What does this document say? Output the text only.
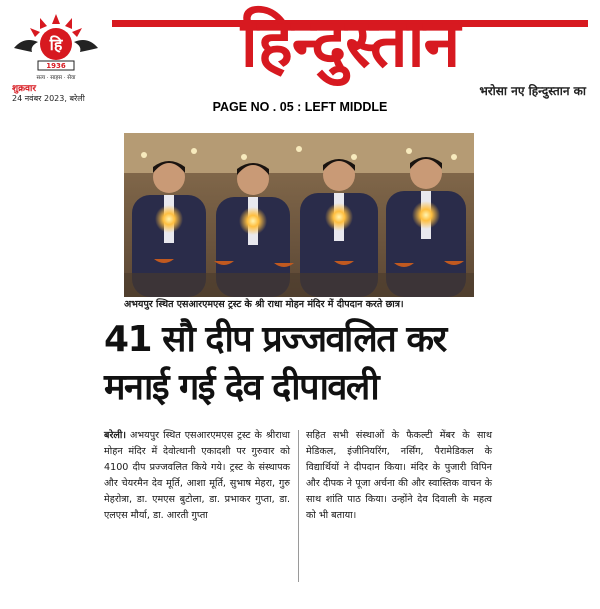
हि
1936
सत्य · साहस · सेवा	हिन्दुस्तान
शुक्रवार
24 नवंबर 2023, बरेली
भरोसा नए हिन्दुस्तान का
PAGE NO . 05 : LEFT MIDDLE
अभयपुर स्थित एसआरएमएस ट्रस्ट के श्री राधा मोहन मंदिर में दीपदान करते छात्र।
41 सौ दीप प्रज्जवलित कर
मनाई गई देव दीपावली
बरेली। अभयपुर स्थित एसआरएमएस ट्रस्ट के श्रीराधा मोहन मंदिर में देवोत्थानी एकादशी पर गुरुवार को 4100 दीप प्रज्जवलित किये गये। ट्रस्ट के संस्थापक और चेयरमैन देव मूर्ति, आशा मूर्ति, सुभाष मेहरा, गुरु मेहरोत्रा, डा. एमएस बुटोला, डा. प्रभाकर गुप्ता, डा. एलएस मौर्या, डा. आरती गुप्ता
सहित सभी संस्थाओं के फैकल्टी मेंबर के साथ मेडिकल, इंजीनियरिंग, नर्सिंग, पैरामेडिकल के विद्यार्थियों ने दीपदान किया। मंदिर के पुजारी विपिन और दीपक ने पूजा अर्चना की और स्वास्तिक वाचन के साथ शांति पाठ किया। उन्होंने देव दिवाली के महत्व को भी बताया।
